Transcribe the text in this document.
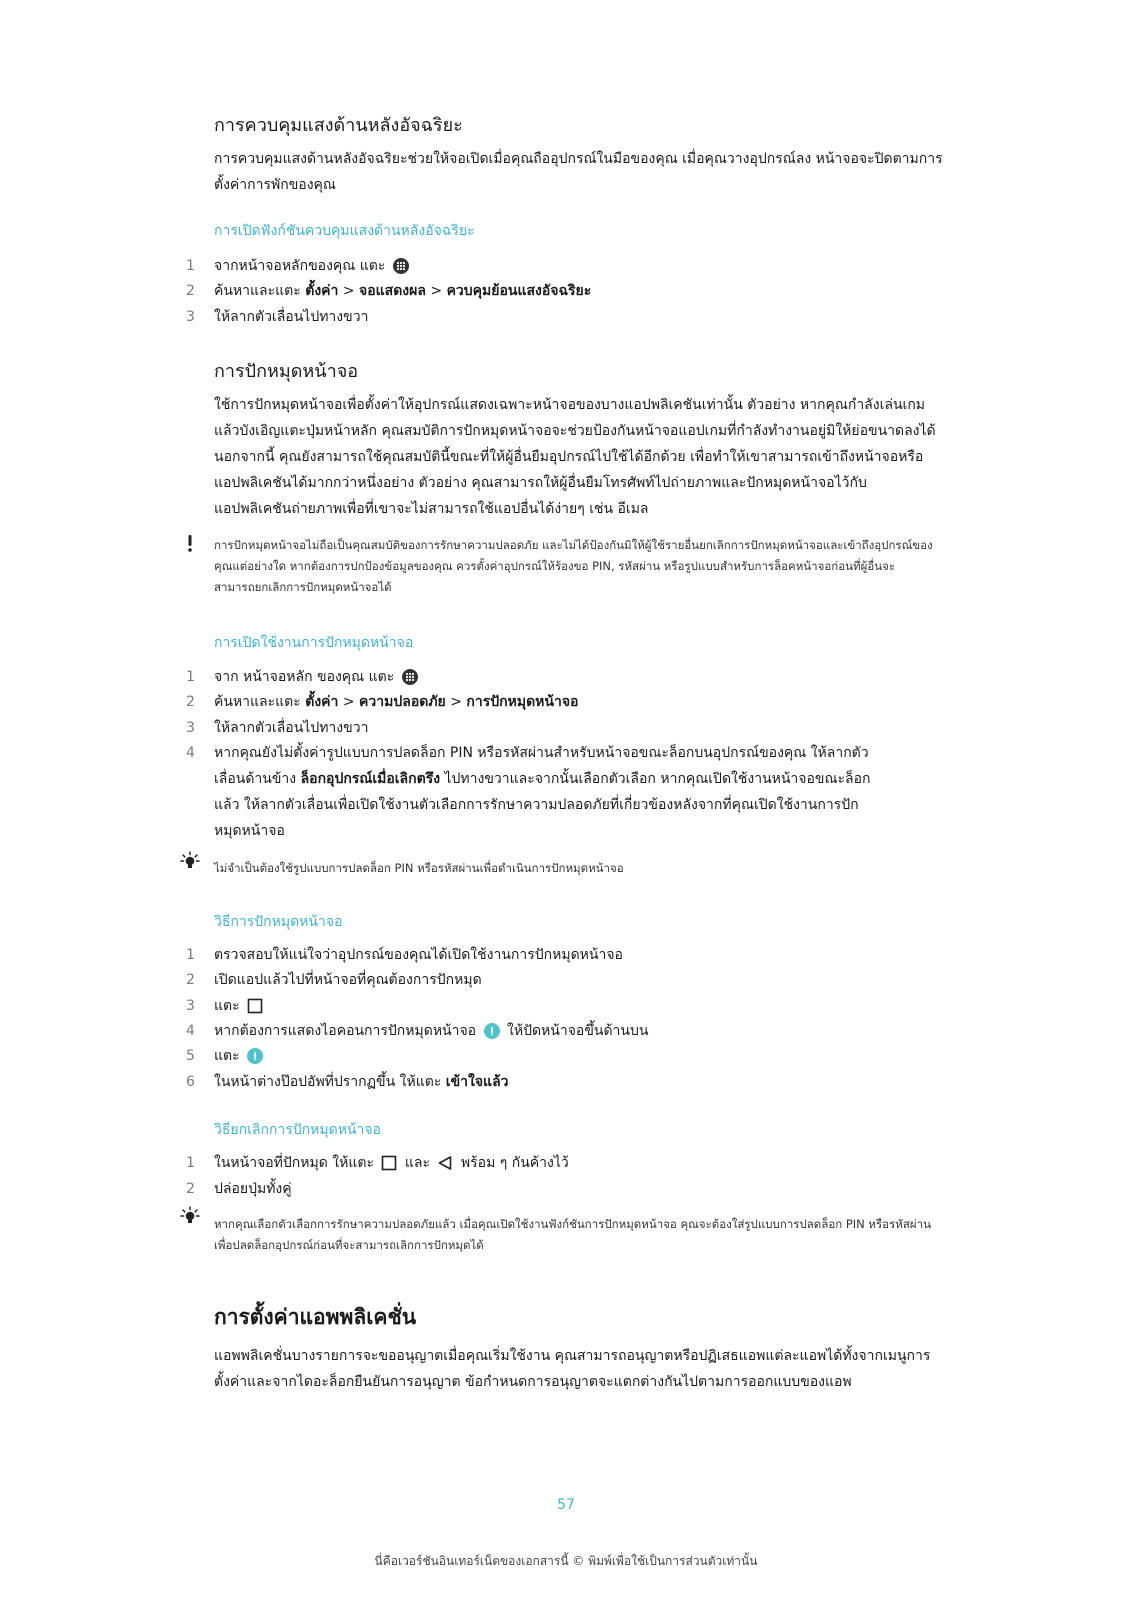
การควบคุมแสงด้านหลังอัจฉริยะ
การควบคุมแสงด้านหลังอัจฉริยะช่วยให้จอเปิดเมื่อคุณถืออุปกรณ์ในมือของคุณ เมื่อคุณวางอุปกรณ์ลง หน้าจอจะปิดตามการตั้งค่าการพักของคุณ
การเปิดฟังก์ชันควบคุมแสงด้านหลังอัจฉริยะ
1	จากหน้าจอหลักของคุณ แตะ
2	ค้นหาและแตะ ตั้งค่า > จอแสดงผล > ควบคุมย้อนแสงอัจฉริยะ
3	ให้ลากตัวเลื่อนไปทางขวา
การปักหมุดหน้าจอ
ใช้การปักหมุดหน้าจอเพื่อตั้งค่าให้อุปกรณ์แสดงเฉพาะหน้าจอของบางแอปพลิเคชันเท่านั้น ตัวอย่าง หากคุณกำลังเล่นเกมแล้วบังเอิญแตะปุ่มหน้าหลัก คุณสมบัติการปักหมุดหน้าจอจะช่วยป้องกันหน้าจอแอปเกมที่กำลังทำงานอยู่มิให้ย่อขนาดลงได้ นอกจากนี้ คุณยังสามารถใช้คุณสมบัตินี้ขณะที่ให้ผู้อื่นยืมอุปกรณ์ไปใช้ได้อีกด้วย เพื่อทำให้เขาสามารถเข้าถึงหน้าจอหรือแอปพลิเคชันได้มากกว่าหนึ่งอย่าง ตัวอย่าง คุณสามารถให้ผู้อื่นยืมโทรศัพท์ไปถ่ายภาพและปักหมุดหน้าจอไว้กับแอปพลิเคชันถ่ายภาพเพื่อที่เขาจะไม่สามารถใช้แอปอื่นได้ง่ายๆ เช่น อีเมล
การปักหมุดหน้าจอไม่ถือเป็นคุณสมบัติของการรักษาความปลอดภัย และไม่ได้ป้องกันมิให้ผู้ใช้รายอื่นยกเลิกการปักหมุดหน้าจอและเข้าถึงอุปกรณ์ของคุณแต่อย่างใด หากต้องการปกป้องข้อมูลของคุณ ควรตั้งค่าอุปกรณ์ให้ร้องขอ PIN, รหัสผ่าน หรือรูปแบบสำหรับการล็อคหน้าจอก่อนที่ผู้อื่นจะสามารถยกเลิกการปักหมุดหน้าจอได้
การเปิดใช้งานการปักหมุดหน้าจอ
1	จาก หน้าจอหลัก ของคุณ แตะ
2	ค้นหาและแตะ ตั้งค่า > ความปลอดภัย > การปักหมุดหน้าจอ
3	ให้ลากตัวเลื่อนไปทางขวา
4	หากคุณยังไม่ตั้งค่ารูปแบบการปลดล็อก PIN หรือรหัสผ่านสำหรับหน้าจอขณะล็อกบนอุปกรณ์ของคุณ ให้ลากตัวเลื่อนด้านข้าง ล็อกอุปกรณ์เมื่อเลิกตรึง ไปทางขวาและจากนั้นเลือกตัวเลือก หากคุณเปิดใช้งานหน้าจอขณะล็อกแล้ว ให้ลากตัวเลื่อนเพื่อเปิดใช้งานตัวเลือกการรักษาความปลอดภัยที่เกี่ยวข้องหลังจากที่คุณเปิดใช้งานการปักหมุดหน้าจอ
ไม่จำเป็นต้องใช้รูปแบบการปลดล็อก PIN หรือรหัสผ่านเพื่อดำเนินการปักหมุดหน้าจอ
วิธีการปักหมุดหน้าจอ
1	ตรวจสอบให้แน่ใจว่าอุปกรณ์ของคุณได้เปิดใช้งานการปักหมุดหน้าจอ
2	เปิดแอปแล้วไปที่หน้าจอที่คุณต้องการปักหมุด
3	แตะ
4	หากต้องการแสดงไอคอนการปักหมุดหน้าจอ ให้ปัดหน้าจอขึ้นด้านบน
5	แตะ
6	ในหน้าต่างป๊อปอัพที่ปรากฏขึ้น ให้แตะ เข้าใจแล้ว
วิธียกเลิกการปักหมุดหน้าจอ
1	ในหน้าจอที่ปักหมุด ให้แตะ และ พร้อม ๆ กันค้างไว้
2	ปล่อยปุ่มทั้งคู่
หากคุณเลือกตัวเลือกการรักษาความปลอดภัยแล้ว เมื่อคุณเปิดใช้งานฟังก์ชันการปักหมุดหน้าจอ คุณจะต้องใส่รูปแบบการปลดล็อก PIN หรือรหัสผ่านเพื่อปลดล็อกอุปกรณ์ก่อนที่จะสามารถเลิกการปักหมุดได้
การตั้งค่าแอพพลิเคชั่น
แอพพลิเคชั่นบางรายการจะขออนุญาตเมื่อคุณเริ่มใช้งาน คุณสามารถอนุญาตหรือปฏิเสธแอพแต่ละแอพได้ทั้งจากเมนูการตั้งค่าและจากไดอะล็อกยืนยันการอนุญาต ข้อกำหนดการอนุญาตจะแตกต่างกันไปตามการออกแบบของแอพ
57
นี่คือเวอร์ชันอินเทอร์เน็ตของเอกสารนี้ © พิมพ์เพื่อใช้เป็นการส่วนตัวเท่านั้น
